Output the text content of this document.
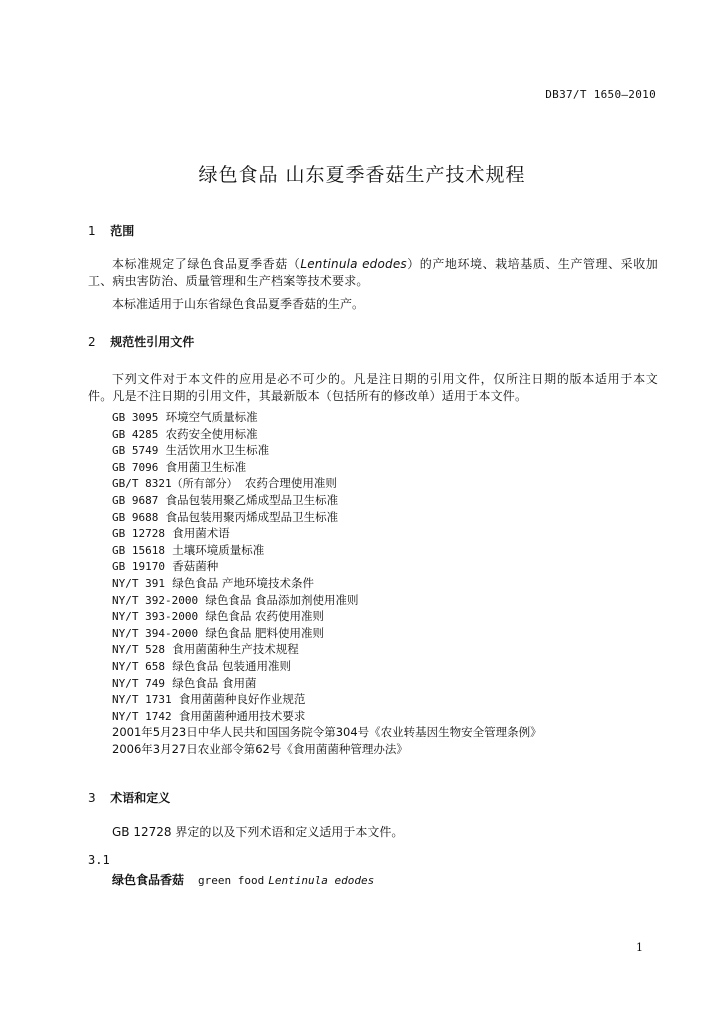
DB37/T 1650—2010
绿色食品 山东夏季香菇生产技术规程
1 范围
本标准规定了绿色食品夏季香菇（Lentinula edodes）的产地环境、栽培基质、生产管理、采收加工、病虫害防治、质量管理和生产档案等技术要求。
本标准适用于山东省绿色食品夏季香菇的生产。
2 规范性引用文件
下列文件对于本文件的应用是必不可少的。凡是注日期的引用文件，仅所注日期的版本适用于本文件。凡是不注日期的引用文件，其最新版本（包括所有的修改单）适用于本文件。
GB 3095 环境空气质量标准
GB 4285 农药安全使用标准
GB 5749 生活饮用水卫生标准
GB 7096 食用菌卫生标准
GB/T 8321（所有部分） 农药合理使用准则
GB 9687 食品包装用聚乙烯成型品卫生标准
GB 9688 食品包装用聚丙烯成型品卫生标准
GB 12728 食用菌术语
GB 15618 土壤环境质量标准
GB 19170 香菇菌种
NY/T 391 绿色食品 产地环境技术条件
NY/T 392-2000 绿色食品 食品添加剂使用准则
NY/T 393-2000 绿色食品 农药使用准则
NY/T 394-2000 绿色食品 肥料使用准则
NY/T 528 食用菌菌种生产技术规程
NY/T 658 绿色食品 包装通用准则
NY/T 749 绿色食品 食用菌
NY/T 1731 食用菌菌种良好作业规范
NY/T 1742 食用菌菌种通用技术要求
2001年5月23日中华人民共和国国务院令第304号《农业转基因生物安全管理条例》
2006年3月27日农业部令第62号《食用菌菌种管理办法》
3 术语和定义
GB 12728 界定的以及下列术语和定义适用于本文件。
3.1
绿色食品香菇 green food Lentinula edodes
1
